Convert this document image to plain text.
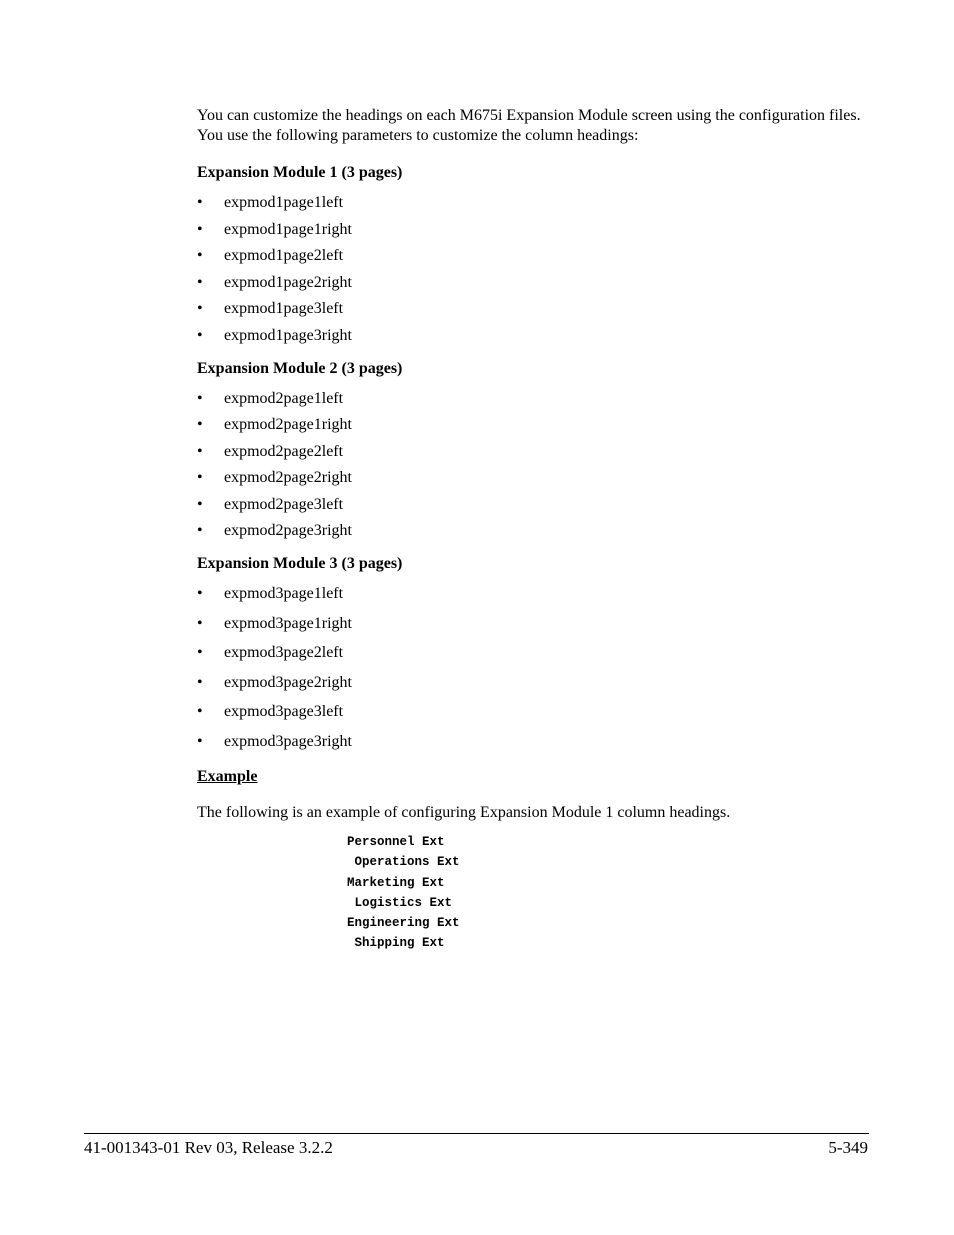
You can customize the headings on each M675i Expansion Module screen using the configuration files. You use the following parameters to customize the column headings:

Expansion Module 1 (3 pages)

• expmod1page1left
• expmod1page1right
• expmod1page2left
• expmod1page2right
• expmod1page3left
• expmod1page3right

Expansion Module 2 (3 pages)

• expmod2page1left
• expmod2page1right
• expmod2page2left
• expmod2page2right
• expmod2page3left
• expmod2page3right

Expansion Module 3 (3 pages)

• expmod3page1left
• expmod3page1right
• expmod3page2left
• expmod3page2right
• expmod3page3left
• expmod3page3right

Example

The following is an example of configuring Expansion Module 1 column headings.

Personnel Ext
Operations Ext
Marketing Ext
Logistics Ext
Engineering Ext
Shipping Ext
41-001343-01 Rev 03, Release 3.2.2	5-349
